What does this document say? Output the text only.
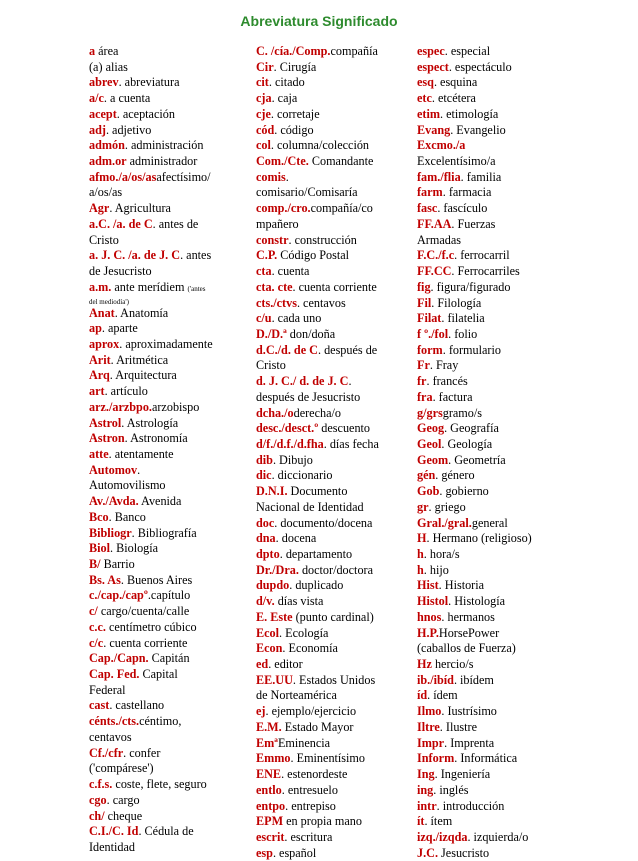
Abreviatura Significado
a área
(a) alias
abrev. abreviatura
a/c. a cuenta
acept. aceptación
adj. adjetivo
admón. administración
adm.or administrador
afmo./a/os/asafectísimo/
a/os/as
Agr. Agricultura
a.C. /a. de C. antes de
Cristo
a. J. C. /a. de J. C. antes
de Jesucristo
a.m. ante merídiem ('antes
del mediodía')
Anat. Anatomía
ap. aparte
aprox. aproximadamente
Arit. Aritmética
Arq. Arquitectura
art. artículo
arz./arzbpo.arzobispo
Astrol. Astrología
Astron. Astronomía
atte. atentamente
Automov.
Automovilismo
Av./Avda. Avenida
Bco. Banco
Bibliogr. Bibliografía
Biol. Biología
B/ Barrio
Bs. As. Buenos Aires
c./cap./capº.capítulo
c/ cargo/cuenta/calle
c.c. centímetro cúbico
c/c. cuenta corriente
Cap./Capn. Capitán
Cap. Fed. Capital
Federal
cast. castellano
cénts./cts.céntimo,
centavos
Cf./cfr. confer
('compárese')
c.f.s. coste, flete, seguro
cgo. cargo
ch/ cheque
C.I./C. Id. Cédula de
Identidad
C. /cía./Comp.compañía
Cir. Cirugía
cit. citado
cja. caja
cje. corretaje
cód. código
col. columna/colección
Com./Cte. Comandante
comis.
comisario/Comisaría
comp./cro.compañía/co
mpañero
constr. construcción
C.P. Código Postal
cta. cuenta
cta. cte. cuenta corriente
cts./ctvs. centavos
c/u. cada uno
D./D.ª don/doña
d.C./d. de C. después de
Cristo
d. J. C./ d. de J. C.
después de Jesucristo
dcha./oderecha/o
desc./desct.º descuento
d/f./d.f./d.fha. días fecha
dib. Dibujo
dic. diccionario
D.N.I. Documento
Nacional de Identidad
doc. documento/docena
dna. docena
dpto. departamento
Dr./Dra. doctor/doctora
dupdo. duplicado
d/v. días vista
E. Este (punto cardinal)
Ecol. Ecología
Econ. Economía
ed. editor
EE.UU. Estados Unidos
de Norteamérica
ej. ejemplo/ejercicio
E.M. Estado Mayor
EmªEminencia
Emmo. Eminentísimo
ENE. estenordeste
entlo. entresuelo
entpo. entrepiso
EPM en propia mano
escrit. escritura
esp. español
espec. especial
espect. espectáculo
esq. esquina
etc. etcétera
etim. etimología
Evang. Evangelio
Excmo./a
Excelentísimo/a
fam./flia. familia
farm. farmacia
fasc. fascículo
FF.AA. Fuerzas
Armadas
F.C./f.c. ferrocarril
FF.CC. Ferrocarriles
fig. figura/figurado
Fil. Filología
Filat. filatelia
f º./fol. folio
form. formulario
Fr. Fray
fr. francés
fra. factura
g/grsgramo/s
Geog. Geografía
Geol. Geología
Geom. Geometría
gén. género
Gob. gobierno
gr. griego
Gral./gral.general
H. Hermano (religioso)
h. hora/s
h. hijo
Hist. Historia
Histol. Histología
hnos. hermanos
H.P.HorsePower
(caballos de Fuerza)
Hz hercio/s
ib./ibíd. ibídem
íd. ídem
Ilmo. Iustrísimo
Iltre. Ilustre
Impr. Imprenta
Inform. Informática
Ing. Ingeniería
ing. inglés
intr. introducción
ít. ítem
izq./izqda. izquierda/o
J.C. Jesucristo
